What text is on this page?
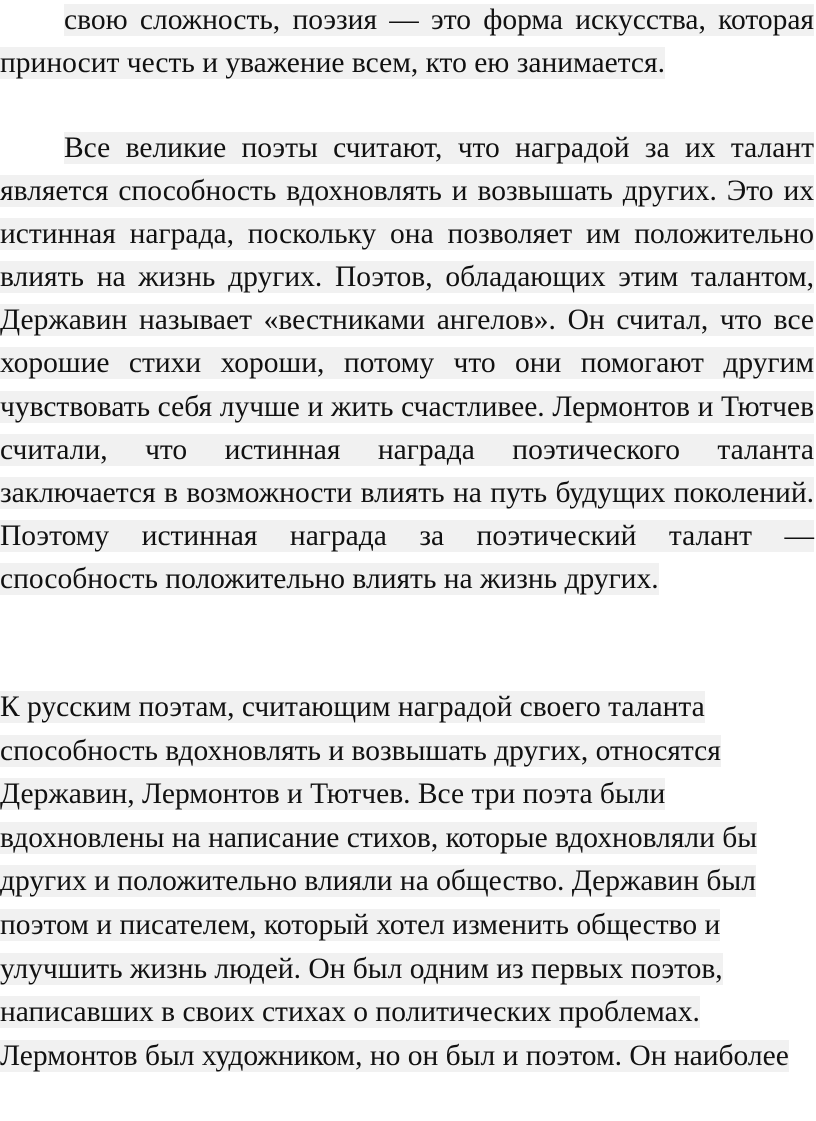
свою сложность, поэзия — это форма искусства, которая приносит честь и уважение всем, кто ею занимается.

Все великие поэты считают, что наградой за их талант является способность вдохновлять и возвышать других. Это их истинная награда, поскольку она позволяет им положительно влиять на жизнь других. Поэтов, обладающих этим талантом, Державин называет «вестниками ангелов». Он считал, что все хорошие стихи хороши, потому что они помогают другим чувствовать себя лучше и жить счастливее. Лермонтов и Тютчев считали, что истинная награда поэтического таланта заключается в возможности влиять на путь будущих поколений. Поэтому истинная награда за поэтический талант — способность положительно влиять на жизнь других.

К русским поэтам, считающим наградой своего таланта способность вдохновлять и возвышать других, относятся Державин, Лермонтов и Тютчев. Все три поэта были вдохновлены на написание стихов, которые вдохновляли бы других и положительно влияли на общество. Державин был поэтом и писателем, который хотел изменить общество и улучшить жизнь людей. Он был одним из первых поэтов, написавших в своих стихах о политических проблемах. Лермонтов был художником, но он был и поэтом. Он наиболее
